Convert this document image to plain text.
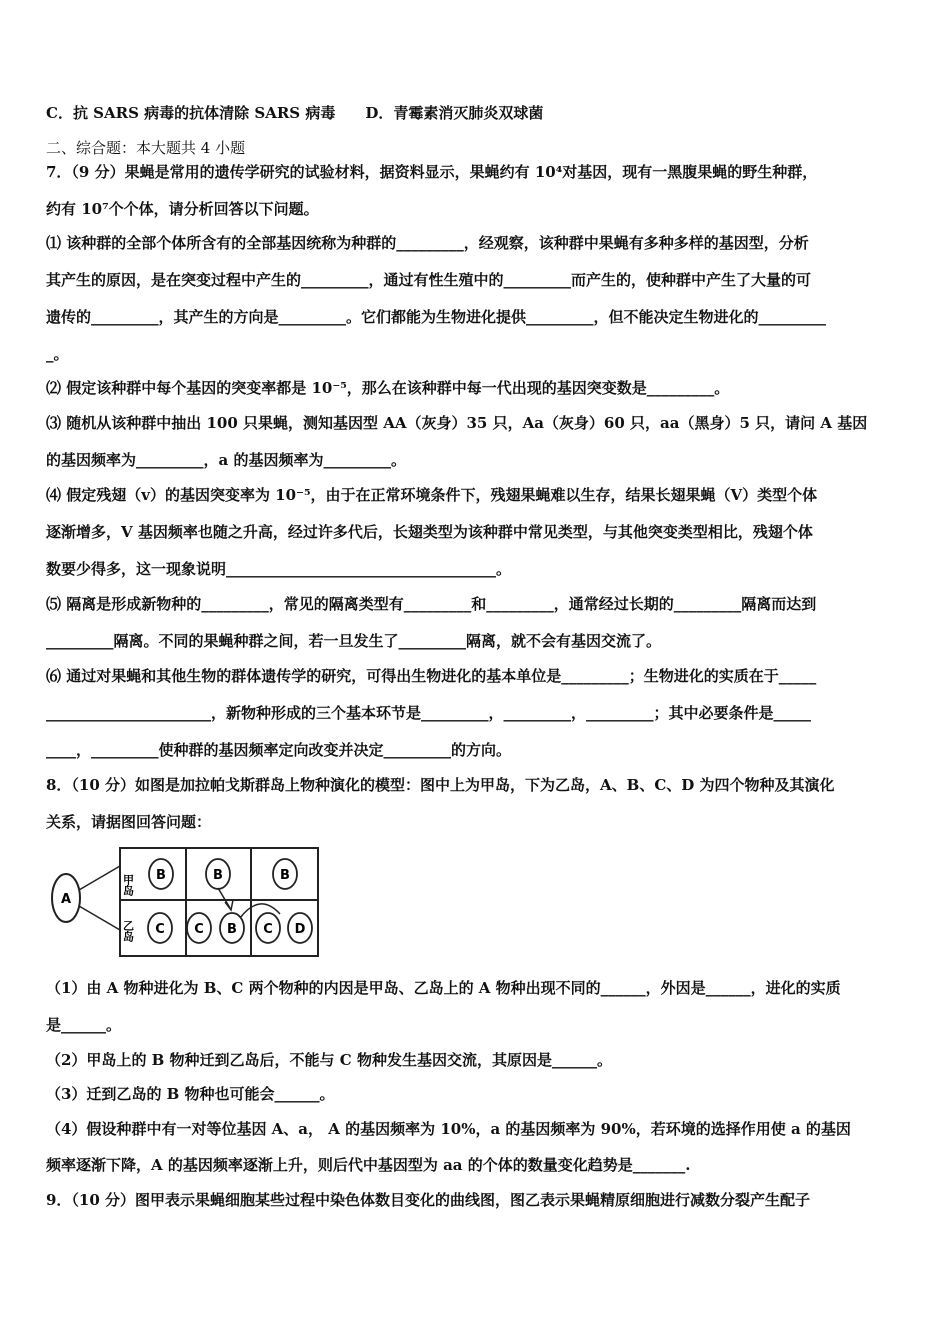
C．抗 SARS 病毒的抗体清除 SARS 病毒　　D．青霉素消灭肺炎双球菌
二、综合题：本大题共 4 小题
7．（9 分）果蝇是常用的遗传学研究的试验材料，据资料显示，果蝇约有 10⁴对基因，现有一黑腹果蝇的野生种群，
约有 10⁷个个体，请分析回答以下问题。
⑴ 该种群的全部个体所含有的全部基因统称为种群的_________，经观察，该种群中果蝇有多种多样的基因型，分析
其产生的原因，是在突变过程中产生的_________，通过有性生殖中的_________而产生的，使种群中产生了大量的可
遗传的_________，其产生的方向是_________。它们都能为生物进化提供_________，但不能决定生物进化的_________
_。
⑵ 假定该种群中每个基因的突变率都是 10⁻⁵，那么在该种群中每一代出现的基因突变数是_________。
⑶ 随机从该种群中抽出 100 只果蝇，测知基因型 AA（灰身）35 只，Aa（灰身）60 只，aa（黑身）5 只，请问 A 基因
的基因频率为_________，a 的基因频率为_________。
⑷ 假定残翅（v）的基因突变率为 10⁻⁵，由于在正常环境条件下，残翅果蝇难以生存，结果长翅果蝇（V）类型个体
逐渐增多，V 基因频率也随之升高，经过许多代后，长翅类型为该种群中常见类型，与其他突变类型相比，残翅个体
数要少得多，这一现象说明____________________________________。
⑸ 隔离是形成新物种的_________，常见的隔离类型有_________和_________，通常经过长期的_________隔离而达到
_________隔离。不同的果蝇种群之间，若一旦发生了_________隔离，就不会有基因交流了。
⑹ 通过对果蝇和其他生物的群体遗传学的研究，可得出生物进化的基本单位是_________；生物进化的实质在于_____
______________________，新物种形成的三个基本环节是_________，_________，_________；其中必要条件是_____
____，_________使种群的基因频率定向改变并决定_________的方向。
8．（10 分）如图是加拉帕戈斯群岛上物种演化的模型：图中上为甲岛，下为乙岛，A、B、C、D 为四个物种及其演化
关系，请据图回答问题：
A
甲岛
乙岛
B	B	B
C C B C D
（1）由 A 物种进化为 B、C 两个物种的内因是甲岛、乙岛上的 A 物种出现不同的______，外因是______，进化的实质
是______。
（2）甲岛上的 B 物种迁到乙岛后，不能与 C 物种发生基因交流，其原因是______。
（3）迁到乙岛的 B 物种也可能会______。
（4）假设种群中有一对等位基因 A、a， A 的基因频率为 10%，a 的基因频率为 90%，若环境的选择作用使 a 的基因
频率逐渐下降，A 的基因频率逐渐上升，则后代中基因型为 aa 的个体的数量变化趋势是_______.
9．（10 分）图甲表示果蝇细胞某些过程中染色体数目变化的曲线图，图乙表示果蝇精原细胞进行减数分裂产生配子
